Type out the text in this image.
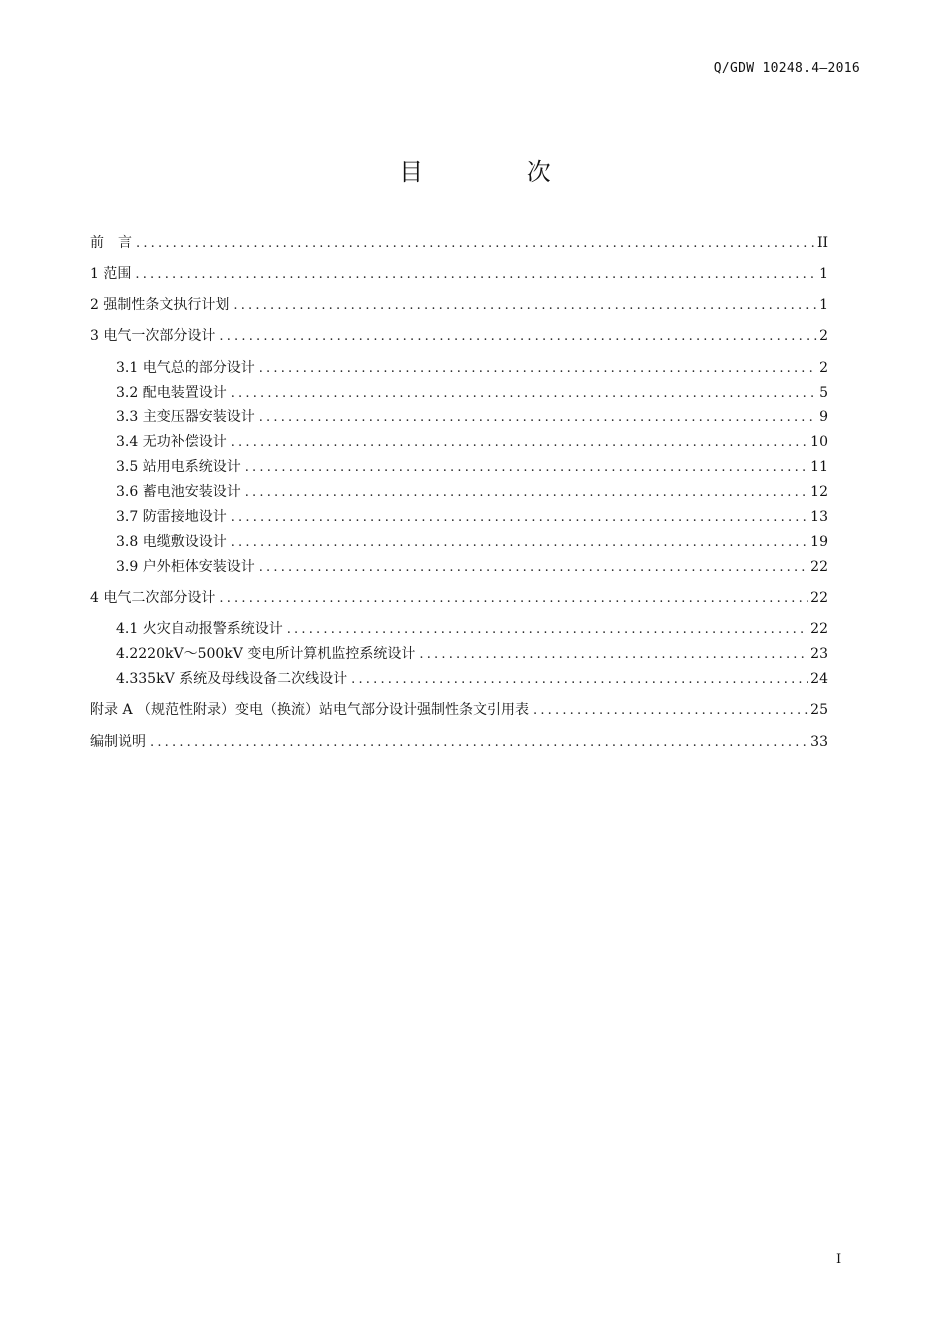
Q/GDW 10248.4—2016
目 次
前　言 .....	II
1 范围 .....	1
2 强制性条文执行计划 .....	1
3 电气一次部分设计 .....	2
3.1 电气总的部分设计 .....	2
3.2 配电装置设计 .....	5
3.3 主变压器安装设计 .....	9
3.4 无功补偿设计 .....	10
3.5 站用电系统设计 .....	11
3.6 蓄电池安装设计 .....	12
3.7 防雷接地设计 .....	13
3.8 电缆敷设设计 .....	19
3.9 户外柜体安装设计 .....	22
4 电气二次部分设计 .....	22
4.1 火灾自动报警系统设计 .....	22
4.2220kV～500kV 变电所计算机监控系统设计 .....	23
4.335kV 系统及母线设备二次线设计 .....	24
附录 A （规范性附录）变电（换流）站电气部分设计强制性条文引用表 .....	25
编制说明 .....	33
I
